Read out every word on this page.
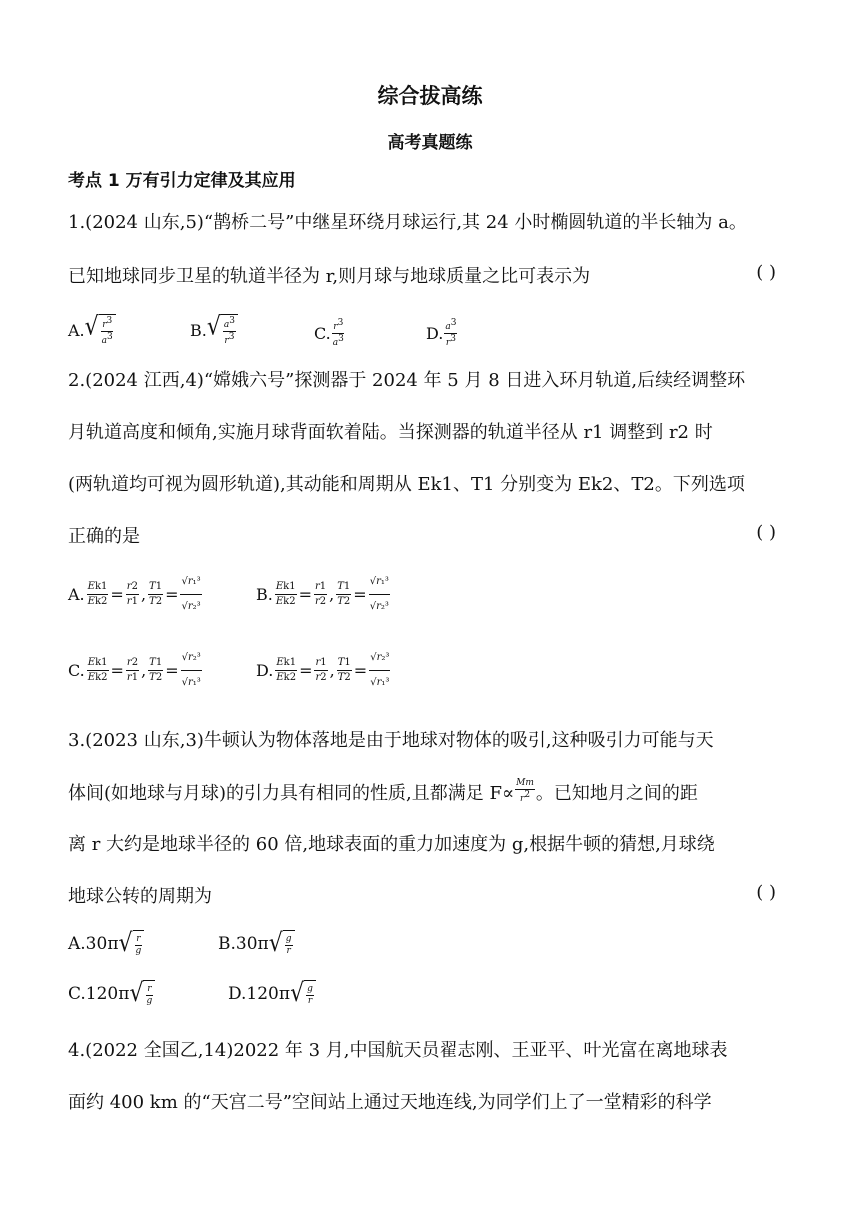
综合拔高练
高考真题练
考点 1 万有引力定律及其应用
1.(2024 山东,5)“鹊桥二号”中继星环绕月球运行,其 24 小时椭圆轨道的半长轴为 a。
已知地球同步卫星的轨道半径为 r,则月球与地球质量之比可表示为	( )
A. √ $\frac{r^3}{a^3}$	B. √ $\frac{a^3}{r^3}$	C. $\frac{r^3}{a^3}$	D. $\frac{a^3}{r^3}$
2.(2024 江西,4)“嫦娥六号”探测器于 2024 年 5 月 8 日进入环月轨道,后续经调整环
月轨道高度和倾角,实施月球背面软着陆。当探测器的轨道半径从 r1 调整到 r2 时
(两轨道均可视为圆形轨道),其动能和周期从 Ek1、T1 分别变为 Ek2、T2。下列选项
正确的是	( )
A. $\frac{Ek1}{Ek2} = \frac{r2}{r1}$ , $\frac{T1}{T2} = \frac{\text{√r₁³}}{\text{√r₂³}}$	B. $\frac{Ek1}{Ek2} = \frac{r1}{r2}$ , $\frac{T1}{T2} = \frac{\text{√r₁³}}{\text{√r₂³}}$
C. $\frac{Ek1}{Ek2} = \frac{r2}{r1}$ , $\frac{T1}{T2} = \frac{\text{√r₂³}}{\text{√r₁³}}$	D. $\frac{Ek1}{Ek2} = \frac{r1}{r2}$ , $\frac{T1}{T2} = \frac{\text{√r₂³}}{\text{√r₁³}}$
3.(2023 山东,3)牛顿认为物体落地是由于地球对物体的吸引,这种吸引力可能与天
体间(如地球与月球)的引力具有相同的性质,且都满足 $F\propto \frac{Mm}{r^2}$ 。已知地月之间的距
离 r 大约是地球半径的 60 倍,地球表面的重力加速度为 g,根据牛顿的猜想,月球绕
地球公转的周期为	( )
A.30π √ $\frac{r}{g}$	B.30π √ $\frac{g}{r}$
C.120π √ $\frac{r}{g}$	D.120π √ $\frac{g}{r}$
4.(2022 全国乙,14)2022 年 3 月,中国航天员翟志刚、王亚平、叶光富在离地球表
面约 400 km 的“天宫二号”空间站上通过天地连线,为同学们上了一堂精彩的科学
